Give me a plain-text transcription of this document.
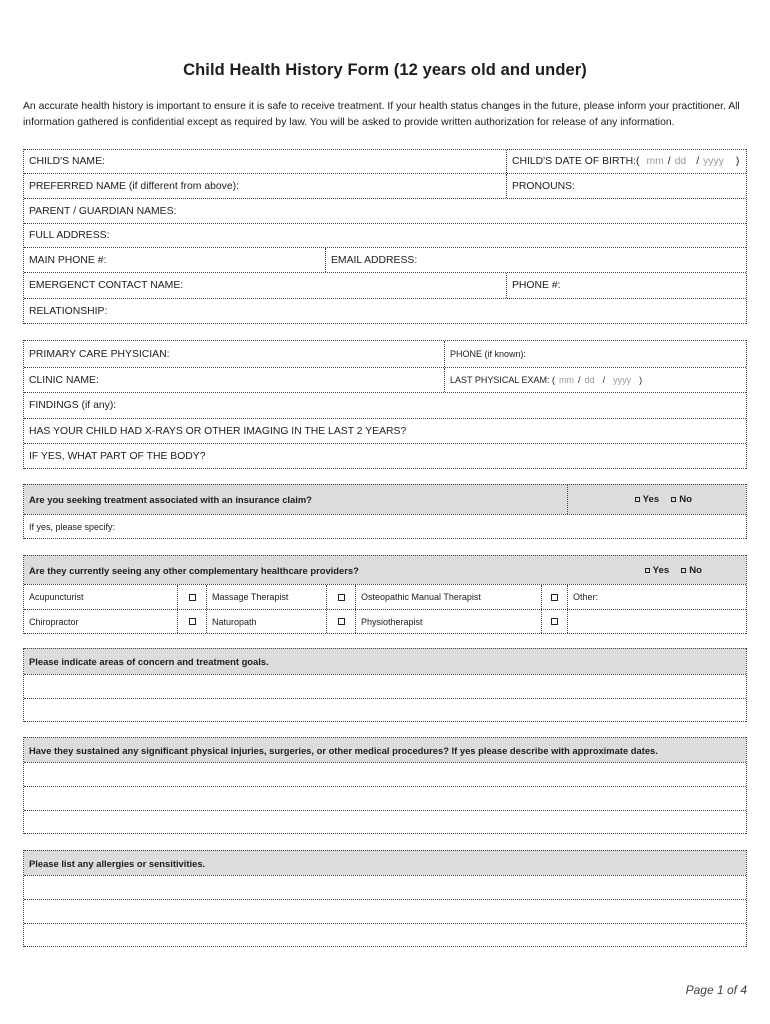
Child Health History Form (12 years old and under)
An accurate health history is important to ensure it is safe to receive treatment. If your health status changes in the future, please inform your practitioner. All information gathered is confidential except as required by law. You will be asked to provide written authorization for release of any information.
CHILD'S NAME:	CHILD'S DATE OF BIRTH:( mm / dd / yyyy )
PREFERRED NAME (if different from above):	PRONOUNS:
PARENT / GUARDIAN NAMES:
FULL ADDRESS:
MAIN PHONE #:	EMAIL ADDRESS:
EMERGENCT CONTACT NAME:	PHONE #:
RELATIONSHIP:
PRIMARY CARE PHYSICIAN:	PHONE (if known):
CLINIC NAME:	LAST PHYSICAL EXAM: ( mm / dd / yyyy )
FINDINGS (if any):
HAS YOUR CHILD HAD X-RAYS OR OTHER IMAGING IN THE LAST 2 YEARS?
IF YES, WHAT PART OF THE BODY?
Are you seeking treatment associated with an insurance claim?	Yes No
If yes, please specify:
Are they currently seeing any other complementary healthcare providers?	Yes No
Acupuncturist	Massage Therapist	Osteopathic Manual Therapist	Other:
Chiropractor	Naturopath	Physiotherapist
Please indicate areas of concern and treatment goals.
Have they sustained any significant physical injuries, surgeries, or other medical procedures? If yes please describe with approximate dates.
Please list any allergies or sensitivities.
Page 1 of 4
